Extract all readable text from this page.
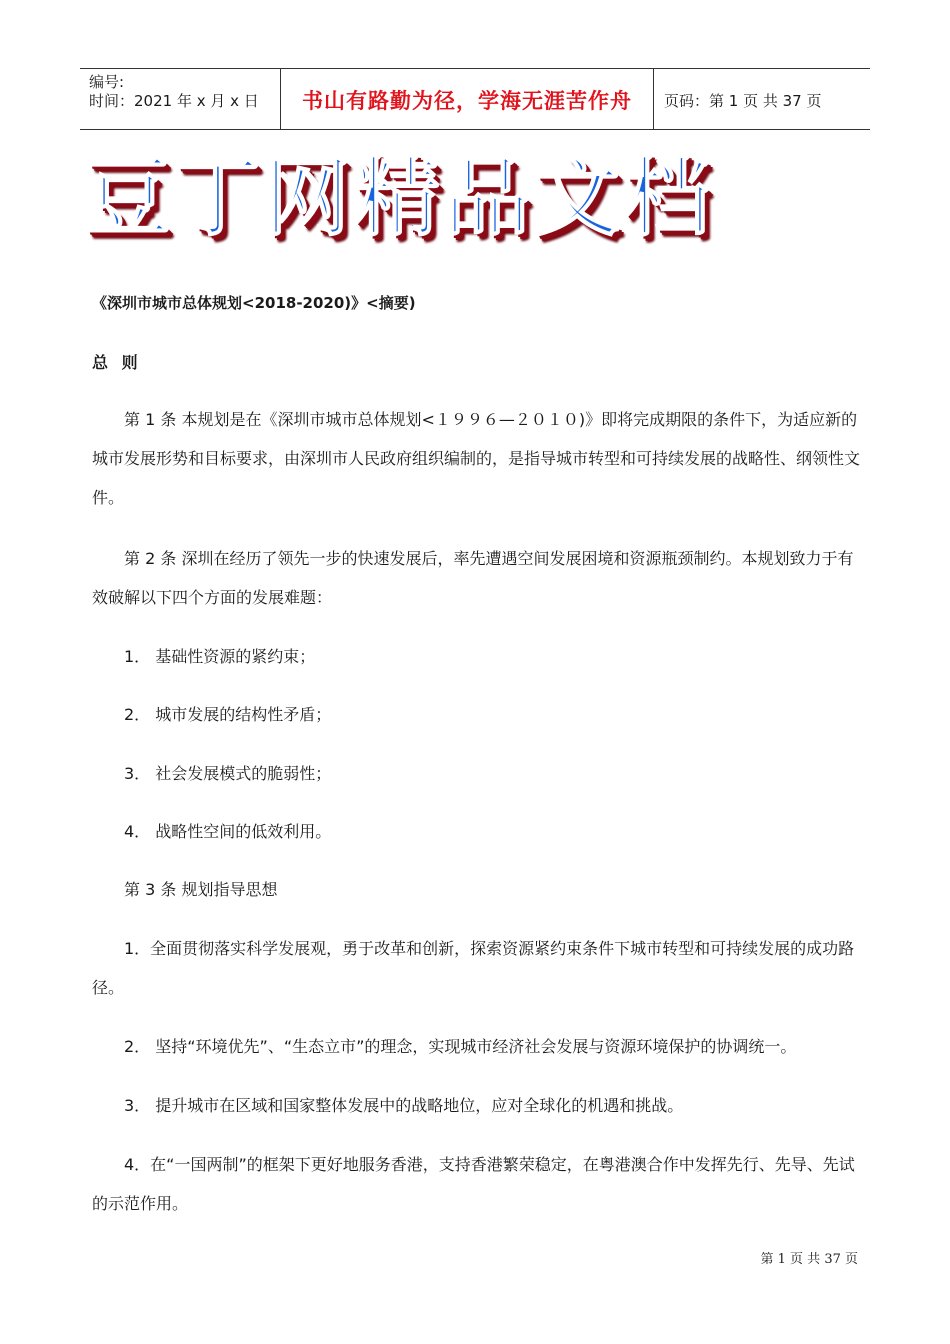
编号:
时间：2021 年 x 月 x 日	书山有路勤为径，学海无涯苦作舟	页码：第 1 页 共 37 页
豆丁网精品文档
《深圳市城市总体规划<2018-2020)》<摘要)
总 则

第 1 条 本规划是在《深圳市城市总体规划<１９９６—２０１０)》即将完成期限的条件下，为适应新的城市发展形势和目标要求，由深圳市人民政府组织编制的，是指导城市转型和可持续发展的战略性、纲领性文件。

第 2 条 深圳在经历了领先一步的快速发展后，率先遭遇空间发展困境和资源瓶颈制约。本规划致力于有效破解以下四个方面的发展难题：

1． 基础性资源的紧约束；
2． 城市发展的结构性矛盾；
3． 社会发展模式的脆弱性；
4． 战略性空间的低效利用。
第 3 条 规划指导思想

1．全面贯彻落实科学发展观，勇于改革和创新，探索资源紧约束条件下城市转型和可持续发展的成功路径。

2． 坚持“环境优先”、“生态立市”的理念，实现城市经济社会发展与资源环境保护的协调统一。

3． 提升城市在区域和国家整体发展中的战略地位，应对全球化的机遇和挑战。

4．在“一国两制”的框架下更好地服务香港，支持香港繁荣稳定，在粤港澳合作中发挥先行、先导、先试的示范作用。

第 1 页 共 37 页
